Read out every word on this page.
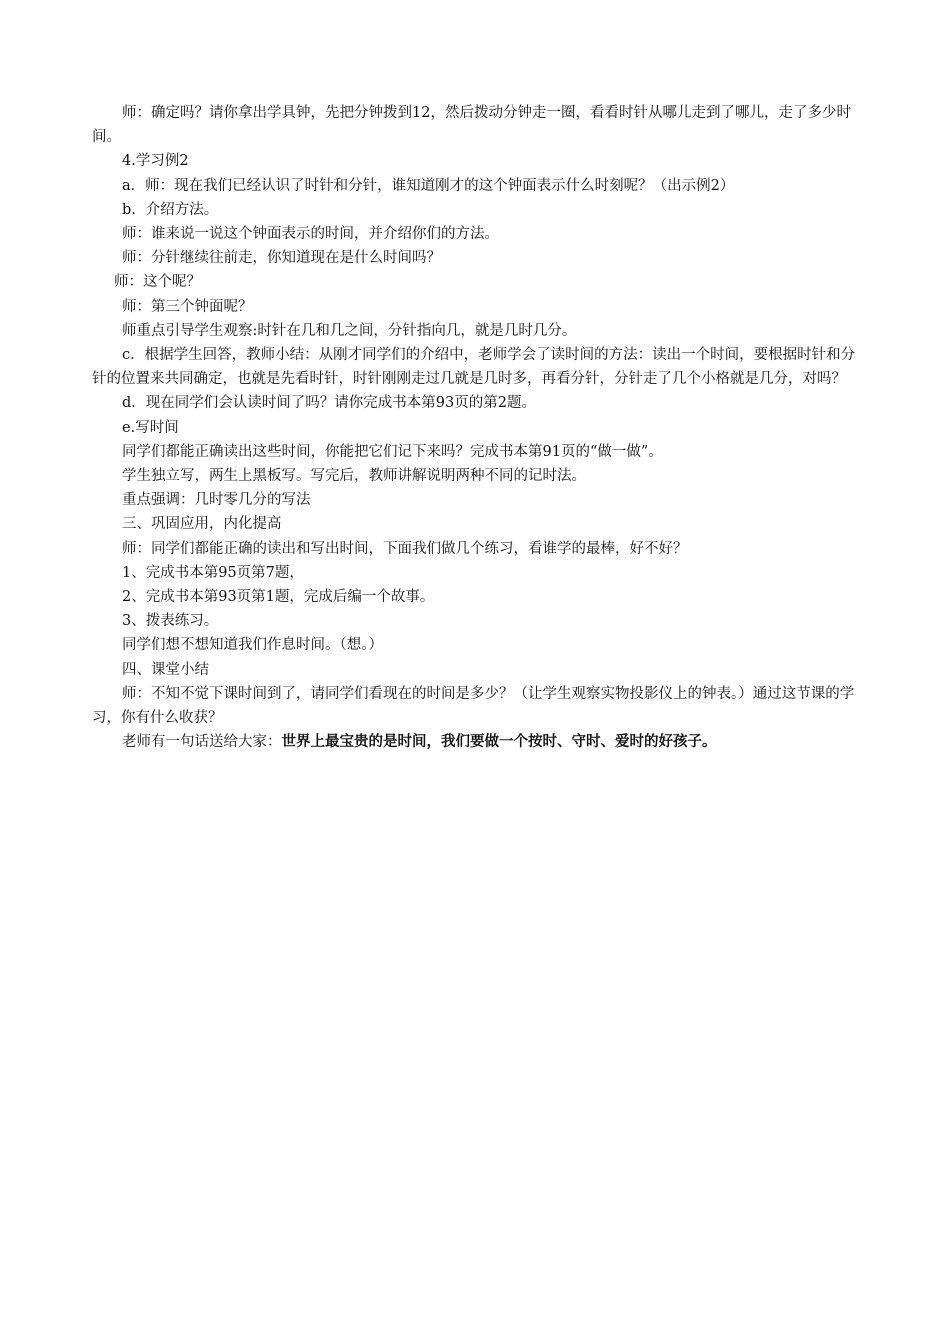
师：确定吗？请你拿出学具钟，先把分钟拨到12，然后拨动分钟走一圈，看看时针从哪儿走到了哪儿，走了多少时间。

4.学习例2

a．师：现在我们已经认识了时针和分针，谁知道刚才的这个钟面表示什么时刻呢？（出示例2）

b．介绍方法。

师：谁来说一说这个钟面表示的时间，并介绍你们的方法。

师：分针继续往前走，你知道现在是什么时间吗？

师：这个呢？

师：第三个钟面呢？

师重点引导学生观察:时针在几和几之间，分针指向几，就是几时几分。

c．根据学生回答，教师小结：从刚才同学们的介绍中，老师学会了读时间的方法：读出一个时间，要根据时针和分针的位置来共同确定，也就是先看时针，时针刚刚走过几就是几时多，再看分针，分针走了几个小格就是几分，对吗？

d．现在同学们会认读时间了吗？请你完成书本第93页的第2题。

e.写时间

同学们都能正确读出这些时间，你能把它们记下来吗？完成书本第91页的“做一做”。

学生独立写，两生上黑板写。写完后，教师讲解说明两种不同的记时法。

重点强调：几时零几分的写法

三、巩固应用，内化提高

师：同学们都能正确的读出和写出时间，下面我们做几个练习，看谁学的最棒，好不好？

1、完成书本第95页第7题，

2、完成书本第93页第1题，完成后编一个故事。

3、拨表练习。

同学们想不想知道我们作息时间。（想。）

四、课堂小结

师：不知不觉下课时间到了，请同学们看现在的时间是多少？（让学生观察实物投影仪上的钟表。）通过这节课的学习，你有什么收获？

老师有一句话送给大家：世界上最宝贵的是时间，我们要做一个按时、守时、爱时的好孩子。
